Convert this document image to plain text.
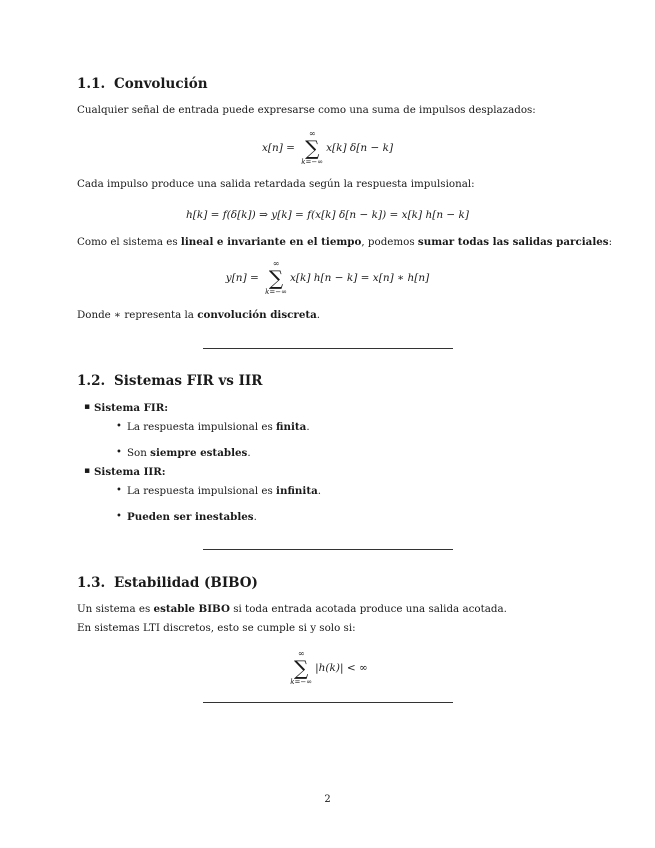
1.1. Convolución
Cualquier señal de entrada puede expresarse como una suma de impulsos desplazados:
x[n] =
∞
∑
k=−∞
x[k] δ[n − k]
Cada impulso produce una salida retardada según la respuesta impulsional:
h[k] = f(δ[k]) ⇒ y[k] = f(x[k] δ[n − k]) = x[k] h[n − k]
Como el sistema es lineal e invariante en el tiempo, podemos sumar todas las salidas parciales:
y[n] =
∞
∑
k=−∞
x[k] h[n − k] = x[n] ∗ h[n]
Donde ∗ representa la convolución discreta.
1.2. Sistemas FIR vs IIR
▪ Sistema FIR:
• La respuesta impulsional es finita.
• Son siempre estables.
▪ Sistema IIR:
• La respuesta impulsional es infinita.
• Pueden ser inestables.
1.3. Estabilidad (BIBO)
Un sistema es estable BIBO si toda entrada acotada produce una salida acotada.
En sistemas LTI discretos, esto se cumple si y solo si:
∞
∑
k=−∞
|h(k)| < ∞
2
